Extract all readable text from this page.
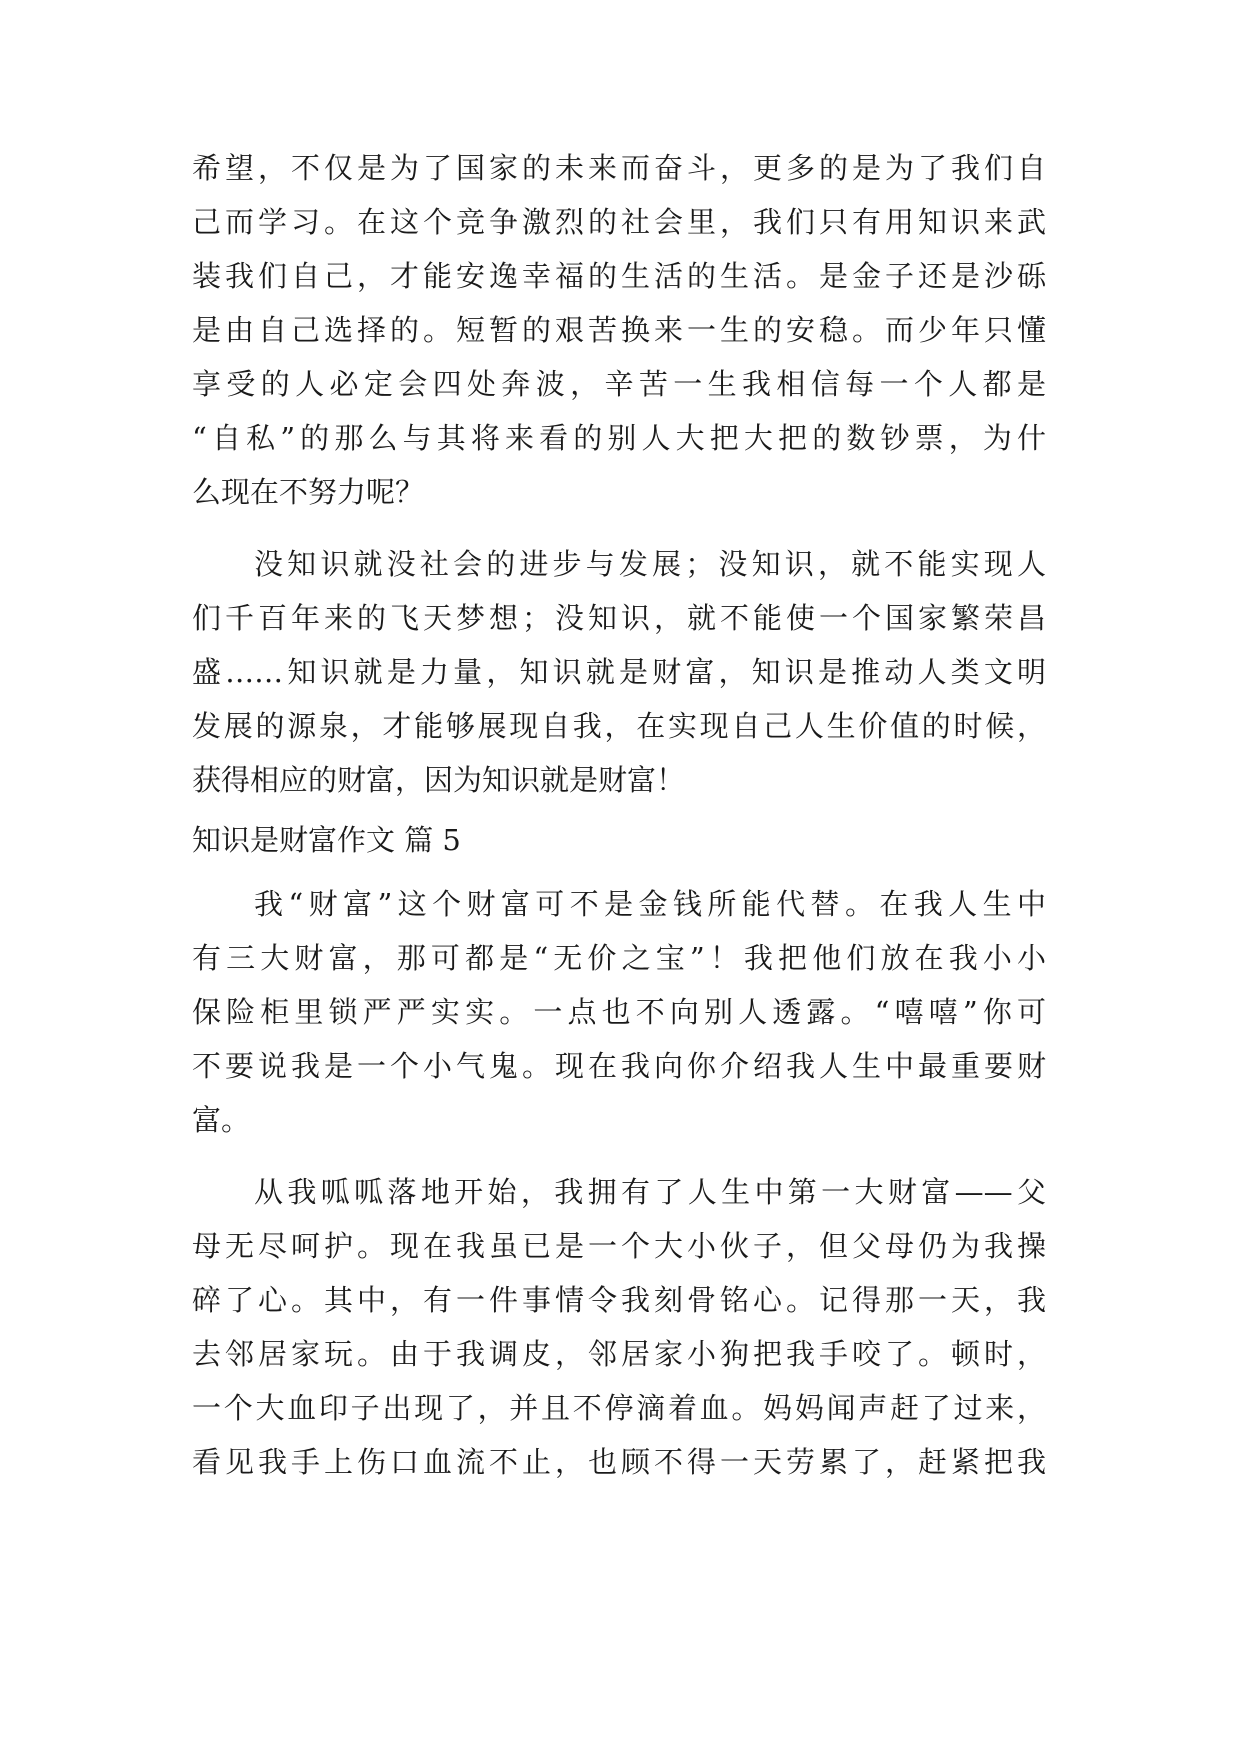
希望，不仅是为了国家的未来而奋斗，更多的是为了我们自
己而学习。在这个竞争激烈的社会里，我们只有用知识来武
装我们自己，才能安逸幸福的生活的生活。是金子还是沙砾
是由自己选择的。短暂的艰苦换来一生的安稳。而少年只懂
享受的人必定会四处奔波，辛苦一生我相信每一个人都是
“自私”的那么与其将来看的别人大把大把的数钞票，为什
么现在不努力呢？
没知识就没社会的进步与发展；没知识，就不能实现人
们千百年来的飞天梦想；没知识，就不能使一个国家繁荣昌
盛……知识就是力量，知识就是财富，知识是推动人类文明
发展的源泉，才能够展现自我，在实现自己人生价值的时候，
获得相应的财富，因为知识就是财富！
知识是财富作文 篇 5
我“财富”这个财富可不是金钱所能代替。在我人生中
有三大财富，那可都是“无价之宝”！我把他们放在我小小
保险柜里锁严严实实。一点也不向别人透露。“嘻嘻”你可
不要说我是一个小气鬼。现在我向你介绍我人生中最重要财
富。
从我呱呱落地开始，我拥有了人生中第一大财富——父
母无尽呵护。现在我虽已是一个大小伙子，但父母仍为我操
碎了心。其中，有一件事情令我刻骨铭心。记得那一天，我
去邻居家玩。由于我调皮，邻居家小狗把我手咬了。顿时，
一个大血印子出现了，并且不停滴着血。妈妈闻声赶了过来，
看见我手上伤口血流不止，也顾不得一天劳累了，赶紧把我
